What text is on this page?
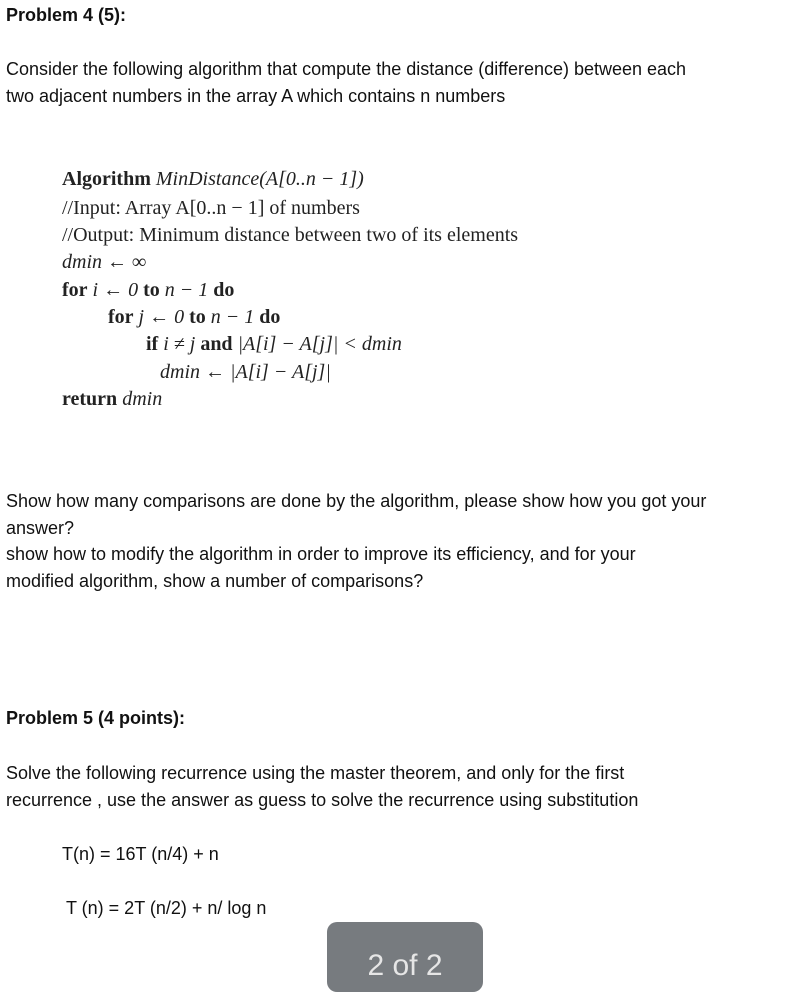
Problem 4 (5):

Consider the following algorithm that compute the distance (difference) between each

two adjacent numbers in the array A which contains n numbers

Algorithm MinDistance(A[0..n − 1])
//Input: Array A[0..n − 1] of numbers
//Output: Minimum distance between two of its elements
dmin ← ∞
for i ← 0 to n − 1 do
for j ← 0 to n − 1 do
if i ≠ j and |A[i] − A[j]| < dmin
dmin ← |A[i] − A[j]|
return dmin

Show how many comparisons are done by the algorithm, please show how you got your

answer?

show how to modify the algorithm in order to improve its efficiency, and for your

modified algorithm, show a number of comparisons?

Problem 5 (4 points):

Solve the following recurrence using the master theorem, and only for the first

recurrence , use the answer as guess to solve the recurrence using substitution

T(n) = 16T (n/4) + n

T (n) = 2T (n/2) + n/ log n

2 of 2
